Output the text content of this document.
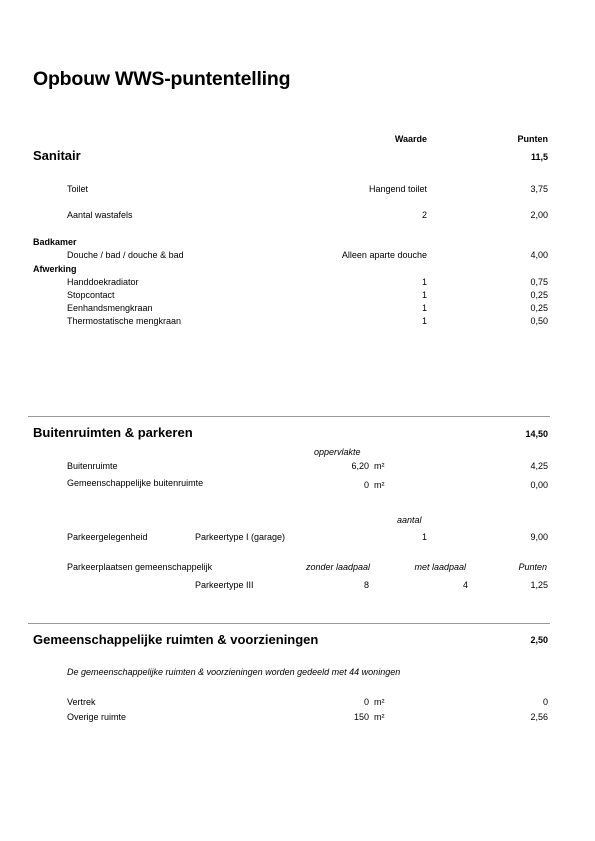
Opbouw WWS-puntentelling
Waarde	Punten
Sanitair	11,5
Toilet	Hangend toilet	3,75
Aantal wastafels	2	2,00
Badkamer
Douche / bad / douche & bad	Alleen aparte douche	4,00
Afwerking
Handdoekradiator	1	0,75
Stopcontact	1	0,25
Eenhandsmengkraan	1	0,25
Thermostatische mengkraan	1	0,50
Buitenruimten & parkeren	14,50
oppervlakte
Buitenruimte	6,20 m²	4,25
Gemeenschappelijke buitenruimte	0 m²	0,00
aantal
Parkeergelegenheid	Parkeertype I (garage)	1	9,00
Parkeerplaatsen gemeenschappelijk	zonder laadpaal	met laadpaal	Punten
Parkeertype III	8	4	1,25
Gemeenschappelijke ruimten & voorzieningen	2,50
De gemeenschappelijke ruimten & voorzieningen worden gedeeld met 44 woningen
Vertrek	0 m²	0
Overige ruimte	150 m²	2,56
